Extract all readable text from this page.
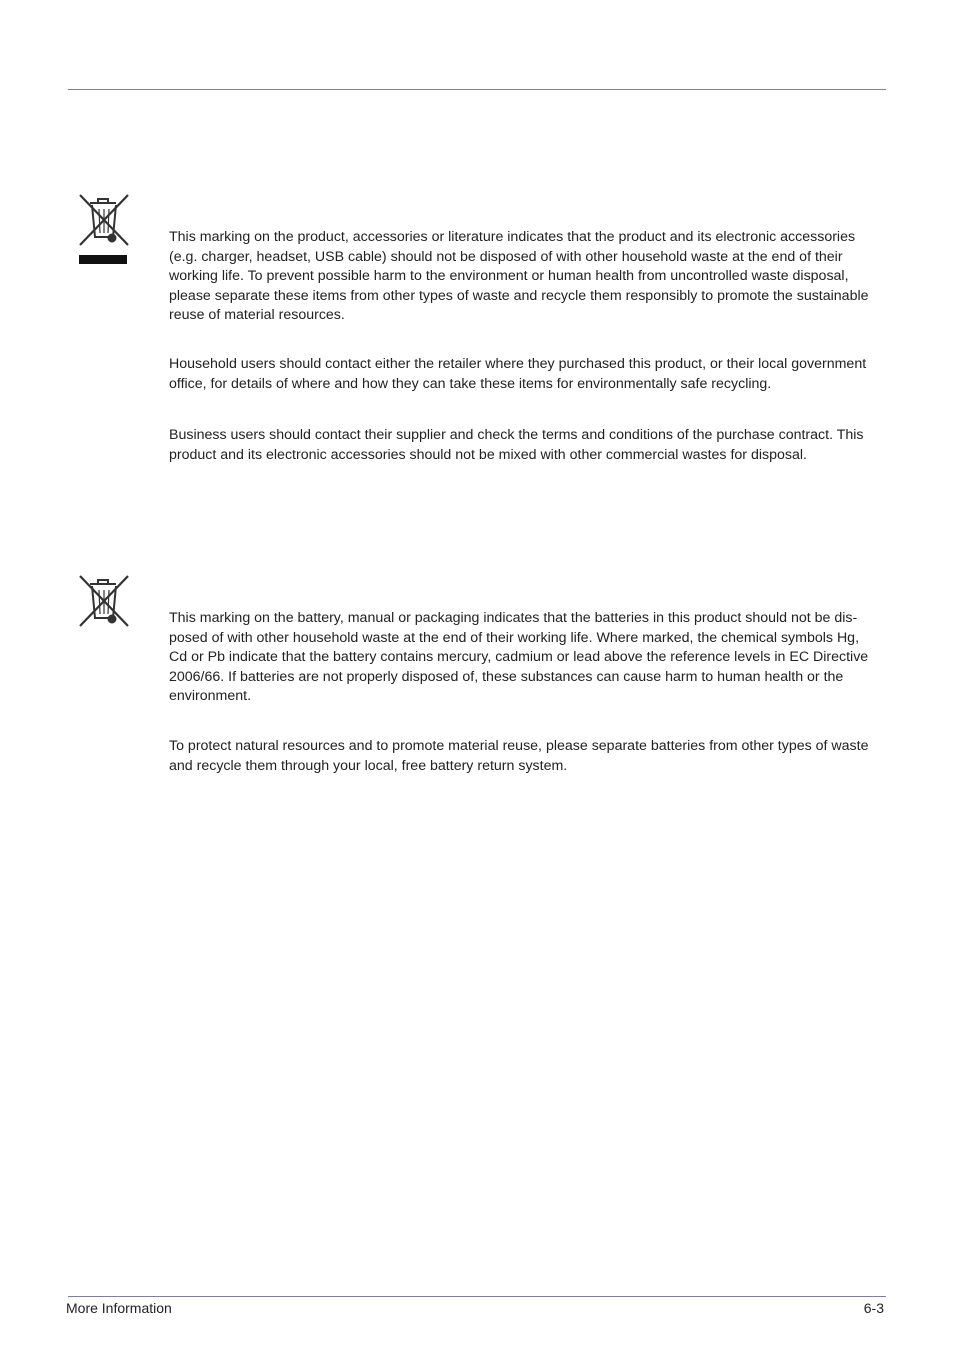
This marking on the product, accessories or literature indicates that the product and its electronic accessories (e.g. charger, headset, USB cable) should not be disposed of with other household waste at the end of their working life. To prevent possible harm to the environment or human health from uncontrolled waste disposal, please separate these items from other types of waste and recycle them responsibly to promote the sustainable reuse of material resources.

Household users should contact either the retailer where they purchased this product, or their local government office, for details of where and how they can take these items for environmentally safe recycling.

Business users should contact their supplier and check the terms and conditions of the purchase contract. This product and its electronic accessories should not be mixed with other commercial wastes for disposal.

This marking on the battery, manual or packaging indicates that the batteries in this product should not be dis- posed of with other household waste at the end of their working life. Where marked, the chemical symbols Hg, Cd or Pb indicate that the battery contains mercury, cadmium or lead above the reference levels in EC Directive 2006/66. If batteries are not properly disposed of, these substances can cause harm to human health or the environment.

To protect natural resources and to promote material reuse, please separate batteries from other types of waste and recycle them through your local, free battery return system.

More Information	6-3
